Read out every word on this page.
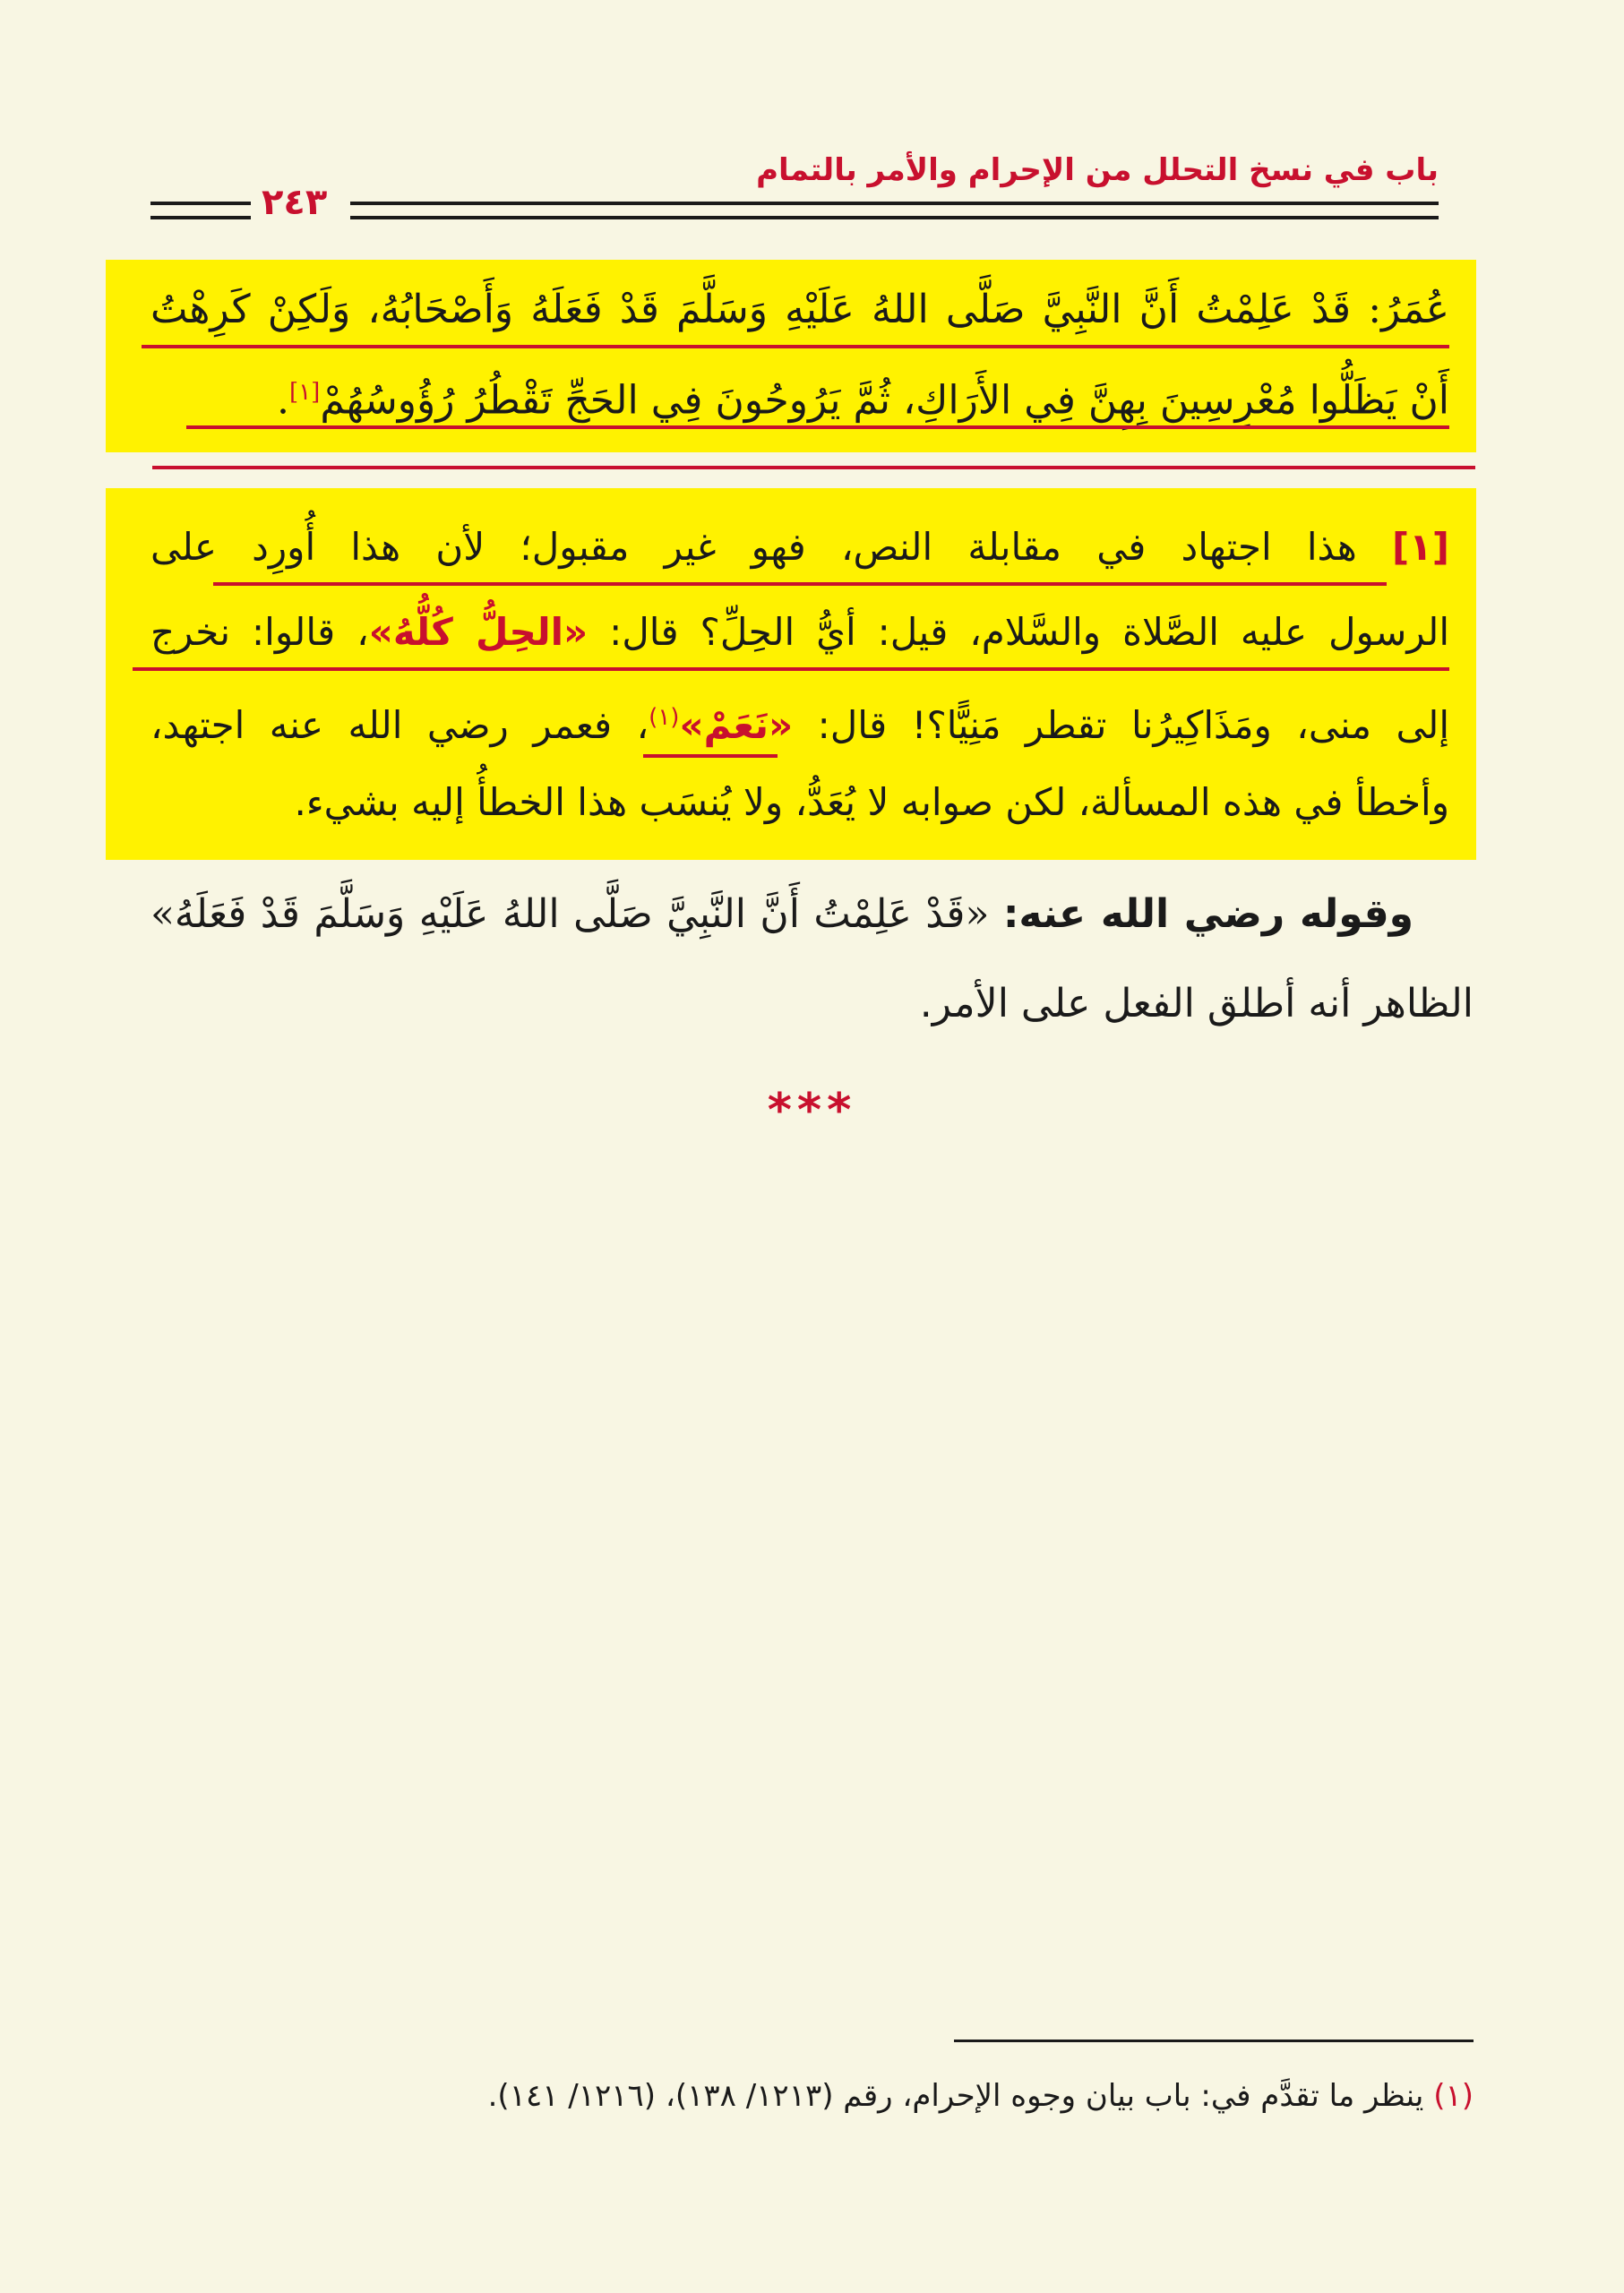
باب في نسخ التحلل من الإحرام والأمر بالتمام
٢٤٣
عُمَرُ: قَدْ عَلِمْتُ أَنَّ النَّبِيَّ صَلَّى اللهُ عَلَيْهِ وَسَلَّمَ قَدْ فَعَلَهُ وَأَصْحَابُهُ، وَلَكِنْ كَرِهْتُ
أَنْ يَظَلُّوا مُعْرِسِينَ بِهِنَّ فِي الأَرَاكِ، ثُمَّ يَرُوحُونَ فِي الحَجِّ تَقْطُرُ رُؤُوسُهُمْ[١].
[١] هذا اجتهاد في مقابلة النص، فهو غير مقبول؛ لأن هذا أُورِد على
الرسول عليه الصَّلاة والسَّلام، قيل: أيُّ الحِلِّ؟ قال: «الحِلُّ كُلُّهُ»، قالوا: نخرج
إلى منى، ومَذَاكِيرُنا تقطر مَنِيًّا؟! قال: «نَعَمْ»$^{(١)}$، فعمر رضي الله عنه اجتهد،
وأخطأ في هذه المسألة، لكن صوابه لا يُعَدُّ، ولا يُنسَب هذا الخطأُ إليه بشيء.
وقوله رضي الله عنه: «قَدْ عَلِمْتُ أَنَّ النَّبِيَّ صَلَّى اللهُ عَلَيْهِ وَسَلَّمَ قَدْ فَعَلَهُ»
الظاهر أنه أطلق الفعل على الأمر.
***
(١) ينظر ما تقدَّم في: باب بيان وجوه الإحرام، رقم (١٢١٣/ ١٣٨)، (١٢١٦/ ١٤١).
